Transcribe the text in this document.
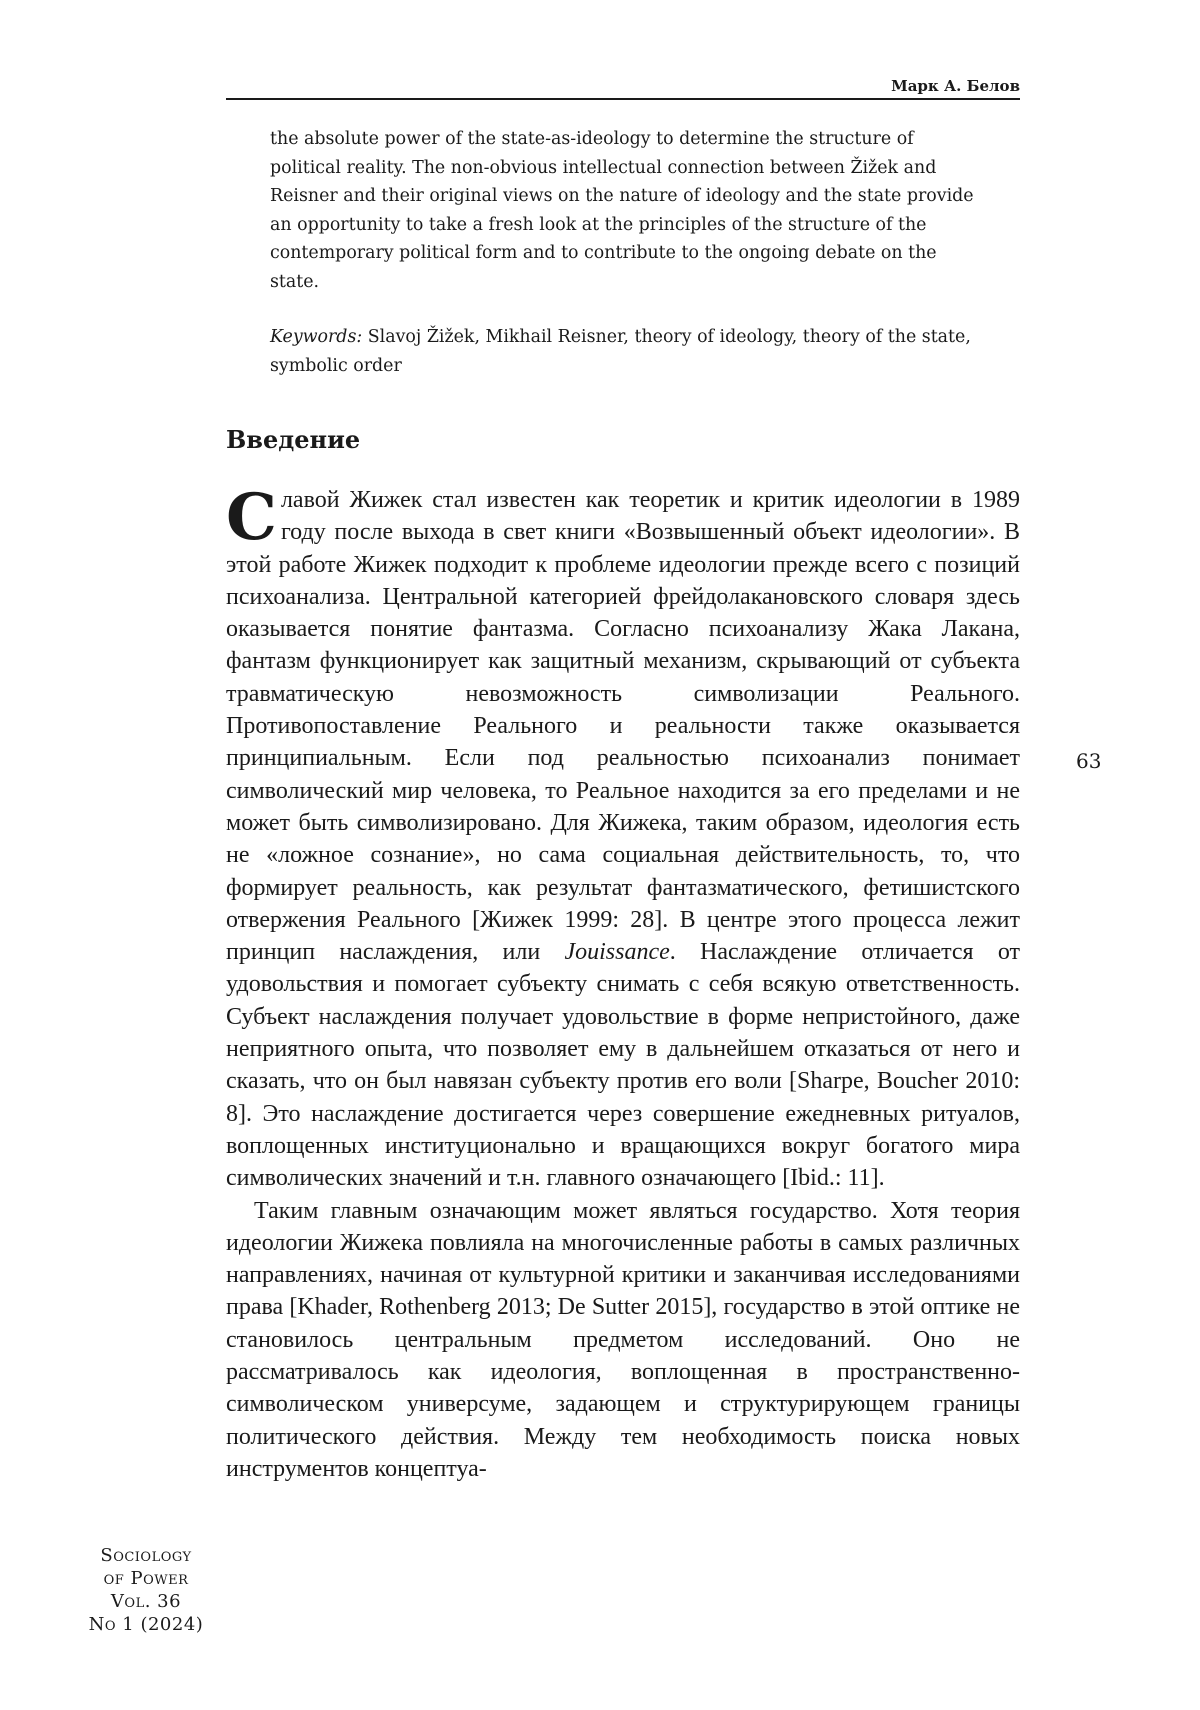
Марк А. Белов

the absolute power of the state-as-ideology to determine the structure of political reality. The non-obvious intellectual connection between Žižek and Reisner and their original views on the nature of ideology and the state provide an opportunity to take a fresh look at the principles of the structure of the contemporary political form and to contribute to the ongoing debate on the state.

Keywords: Slavoj Žižek, Mikhail Reisner, theory of ideology, theory of the state, symbolic order
Введение

Славой Жижек стал известен как теоретик и критик идеологии в 1989 году после выхода в свет книги «Возвышенный объект идеологии». В этой работе Жижек подходит к проблеме идеологии прежде всего с позиций психоанализа. Центральной категорией фрейдолакановского словаря здесь оказывается понятие фантазма. Согласно психоанализу Жака Лакана, фантазм функционирует как защитный механизм, скрывающий от субъекта травматическую невозможность символизации Реального. Противопоставление Реального и реальности также оказывается принципиальным. Если под реальностью психоанализ понимает символический мир человека, то Реальное находится за его пределами и не может быть символизировано. Для Жижека, таким образом, идеология есть не «ложное сознание», но сама социальная действительность, то, что формирует реальность, как результат фантазматического, фетишистского отвержения Реального [Жижек 1999: 28]. В центре этого процесса лежит принцип наслаждения, или Jouissance. Наслаждение отличается от удовольствия и помогает субъекту снимать с себя всякую ответственность. Субъект наслаждения получает удовольствие в форме непристойного, даже неприятного опыта, что позволяет ему в дальнейшем отказаться от него и сказать, что он был навязан субъекту против его воли [Sharpe, Boucher 2010: 8]. Это наслаждение достигается через совершение ежедневных ритуалов, воплощенных институционально и вращающихся вокруг богатого мира символических значений и т.н. главного означающего [Ibid.: 11].

Таким главным означающим может являться государство. Хотя теория идеологии Жижека повлияла на многочисленные работы в самых различных направлениях, начиная от культурной критики и заканчивая исследованиями права [Khader, Rothenberg 2013; De Sutter 2015], государство в этой оптике не становилось центральным предметом исследований. Оно не рассматривалось как идеология, воплощенная в пространственно-символическом универсуме, задающем и структурирующем границы политического действия. Между тем необходимость поиска новых инструментов концептуа-

63
Sociology
of Power
Vol. 36
No 1 (2024)
